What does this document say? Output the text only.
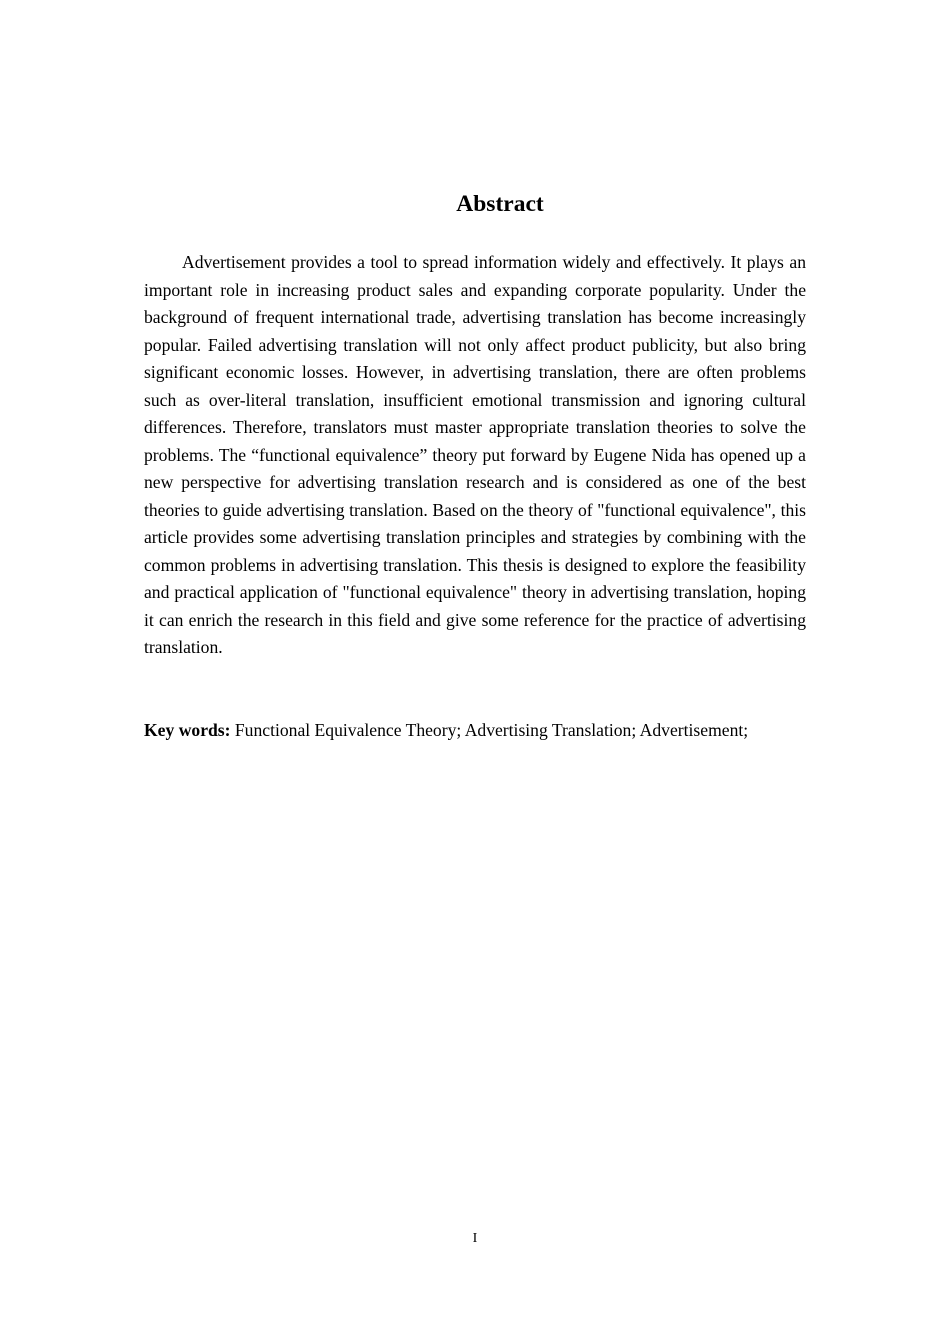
Abstract

Advertisement provides a tool to spread information widely and effectively. It plays an important role in increasing product sales and expanding corporate popularity. Under the background of frequent international trade, advertising translation has become increasingly popular. Failed advertising translation will not only affect product publicity, but also bring significant economic losses. However, in advertising translation, there are often problems such as over-literal translation, insufficient emotional transmission and ignoring cultural differences. Therefore, translators must master appropriate translation theories to solve the problems. The “functional equivalence” theory put forward by Eugene Nida has opened up a new perspective for advertising translation research and is considered as one of the best theories to guide advertising translation. Based on the theory of "functional equivalence", this article provides some advertising translation principles and strategies by combining with the common problems in advertising translation. This thesis is designed to explore the feasibility and practical application of "functional equivalence" theory in advertising translation, hoping it can enrich the research in this field and give some reference for the practice of advertising translation.

Key words: Functional Equivalence Theory; Advertising Translation; Advertisement;

I
